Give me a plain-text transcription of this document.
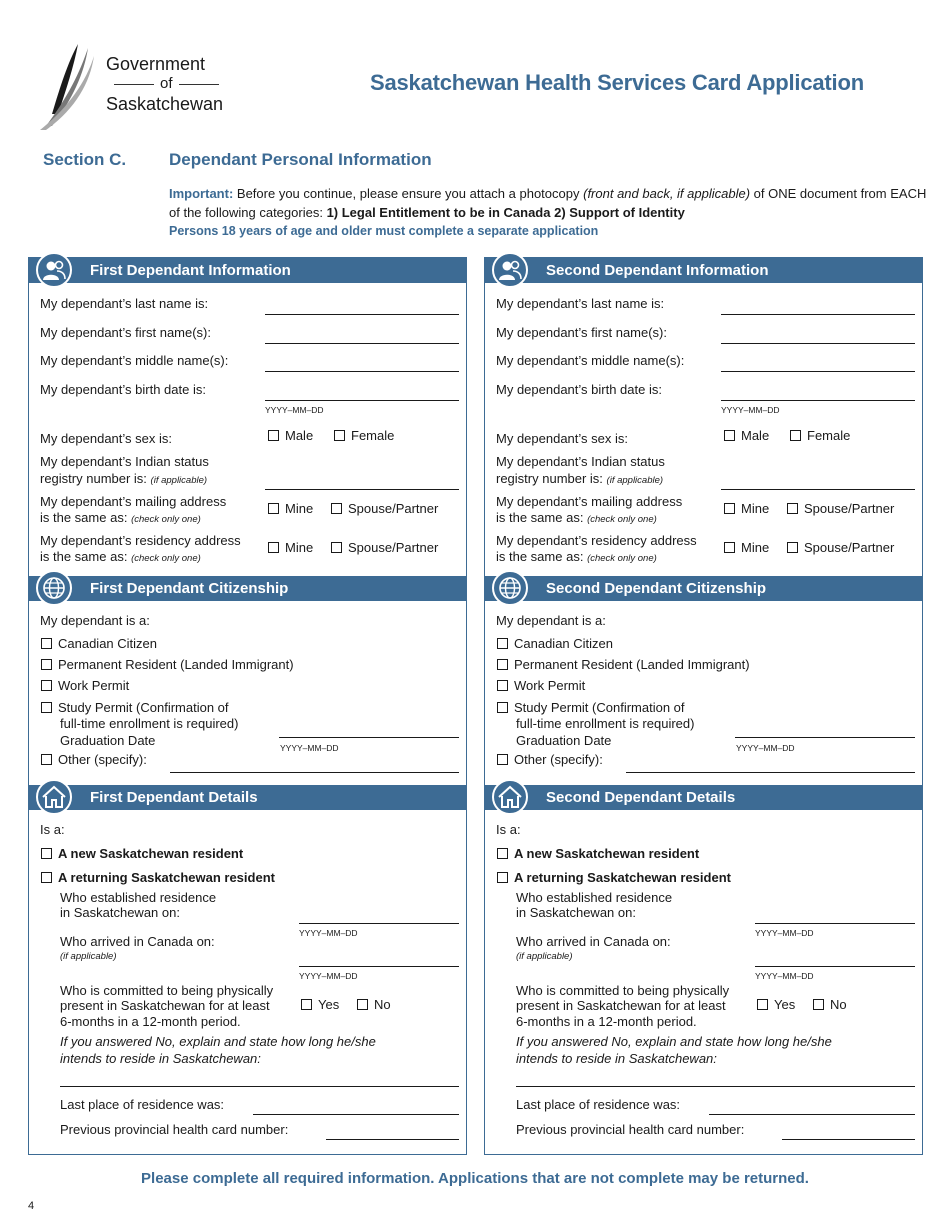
Government
of
Saskatchewan
Saskatchewan Health Services Card Application
Section C.	Dependant Personal Information
Important: Before you continue, please ensure you attach a photocopy (front and back, if applicable) of ONE document from EACH of the following categories: 1) Legal Entitlement to be in Canada 2) Support of Identity
Persons 18 years of age and older must complete a separate application
First Dependant Information
My dependant’s last name is:
My dependant’s first name(s):
My dependant’s middle name(s):
My dependant’s birth date is:
YYYY–MM–DD
My dependant’s sex is:	Male	Female
My dependant’s Indian status
registry number is: (if applicable)
My dependant’s mailing address
is the same as: (check only one)
Mine	Spouse/Partner
My dependant’s residency address
is the same as: (check only one)
Mine	Spouse/Partner
First Dependant Citizenship
My dependant is a:
Canadian Citizen
Permanent Resident (Landed Immigrant)
Work Permit
Study Permit (Confirmation of
full-time enrollment is required)
Graduation Date	YYYY–MM–DD
Other (specify):
First Dependant Details
Is a:
A new Saskatchewan resident
A returning Saskatchewan resident
Who established residence
in Saskatchewan on:
YYYY–MM–DD
Who arrived in Canada on:
(if applicable)
YYYY–MM–DD
Who is committed to being physically
present in Saskatchewan for at least
6-months in a 12-month period.
Yes	No
If you answered No, explain and state how long he/she
intends to reside in Saskatchewan:
Last place of residence was:
Previous provincial health card number:
Second Dependant Information
My dependant’s last name is:
My dependant’s first name(s):
My dependant’s middle name(s):
My dependant’s birth date is:
YYYY–MM–DD
My dependant’s sex is:	Male	Female
My dependant’s Indian status
registry number is: (if applicable)
My dependant’s mailing address
is the same as: (check only one)
Mine	Spouse/Partner
My dependant’s residency address
is the same as: (check only one)
Mine	Spouse/Partner
Second Dependant Citizenship
My dependant is a:
Canadian Citizen
Permanent Resident (Landed Immigrant)
Work Permit
Study Permit (Confirmation of
full-time enrollment is required)
Graduation Date	YYYY–MM–DD
Other (specify):
Second Dependant Details
Is a:
A new Saskatchewan resident
A returning Saskatchewan resident
Who established residence
in Saskatchewan on:
YYYY–MM–DD
Who arrived in Canada on:
(if applicable)
YYYY–MM–DD
Who is committed to being physically
present in Saskatchewan for at least
6-months in a 12-month period.
Yes	No
If you answered No, explain and state how long he/she
intends to reside in Saskatchewan:
Last place of residence was:
Previous provincial health card number:
Please complete all required information. Applications that are not complete may be returned.
4
